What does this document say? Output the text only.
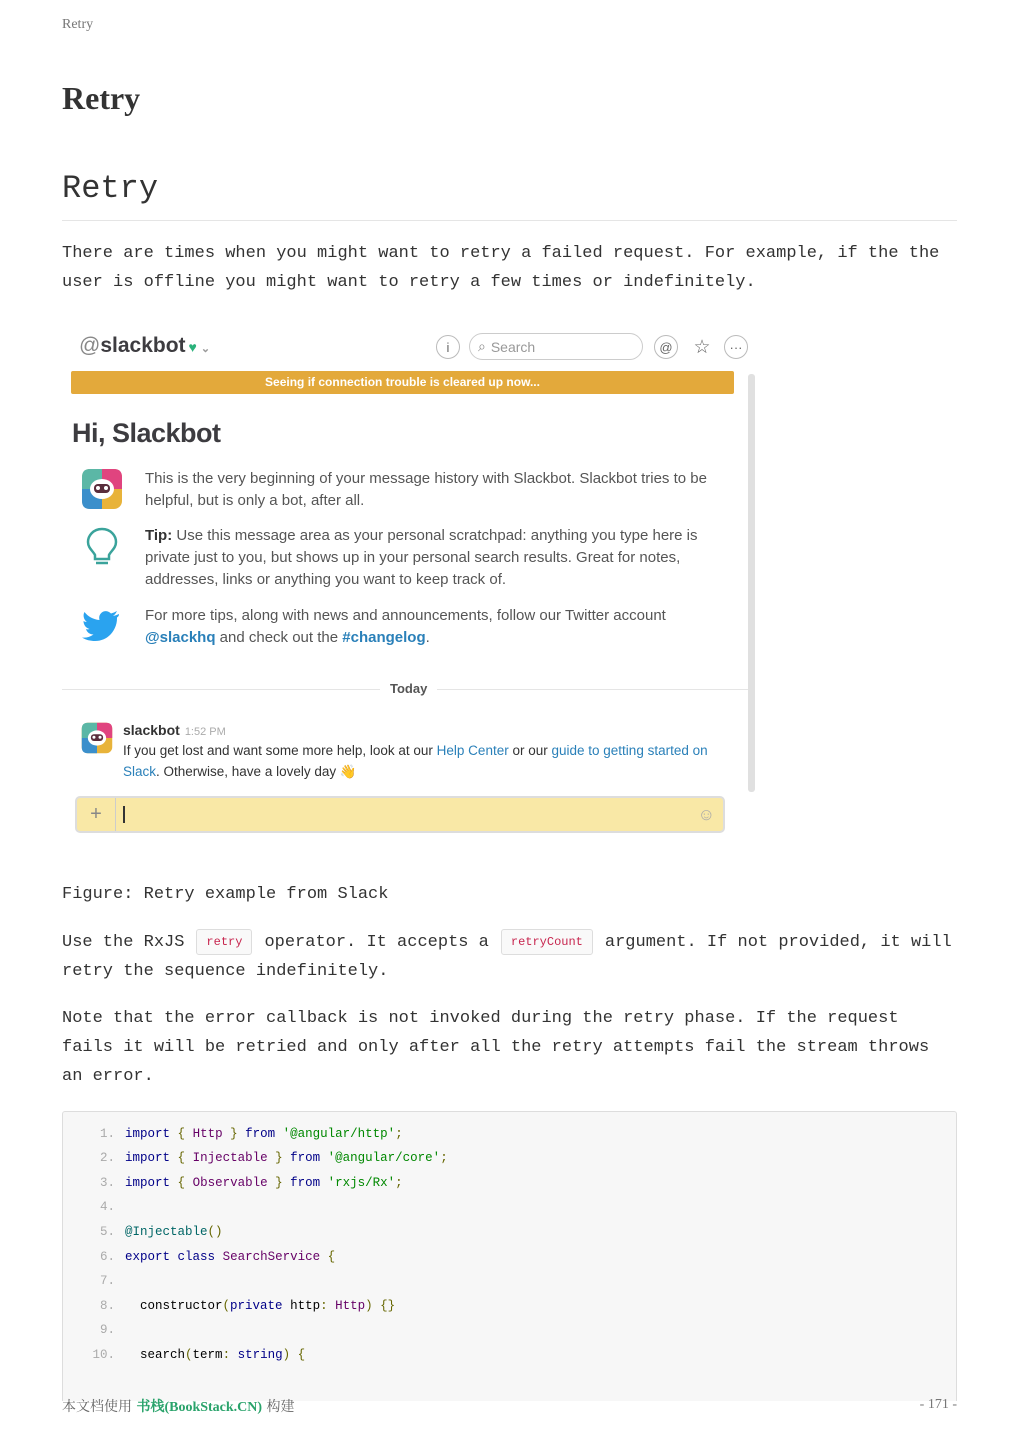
Retry
Retry
Retry

There are times when you might want to retry a failed request. For example, if the the user is offline you might want to retry a few times or indefinitely.

@slackbot ♥ ⌄	i	⌕ Search	@ ☆	···
Seeing if connection trouble is cleared up now...
Hi, Slackbot
This is the very beginning of your message history with Slackbot. Slackbot tries to be helpful, but is only a bot, after all.
Tip: Use this message area as your personal scratchpad: anything you type here is private just to you, but shows up in your personal search results. Great for notes, addresses, links or anything you want to keep track of.
For more tips, along with news and announcements, follow our Twitter account @slackhq and check out the #changelog.
Today
slackbot 1:52 PM
If you get lost and want some more help, look at our Help Center or our guide to getting started on Slack. Otherwise, have a lovely day 👋
+	☺

Figure: Retry example from Slack

Use the RxJS retry operator. It accepts a retryCount argument. If not provided, it will retry the sequence indefinitely.

Note that the error callback is not invoked during the retry phase. If the request fails it will be retried and only after all the retry attempts fail the stream throws an error.

1. import { Http } from '@angular/http';
2. import { Injectable } from '@angular/core';
3. import { Observable } from 'rxjs/Rx';
4.
5. @Injectable()
6. export class SearchService {
7.
8.	constructor(private http: Http) {}
9.
10.	search(term: string) {
本文档使用 书栈(BookStack.CN) 构建	- 171 -
